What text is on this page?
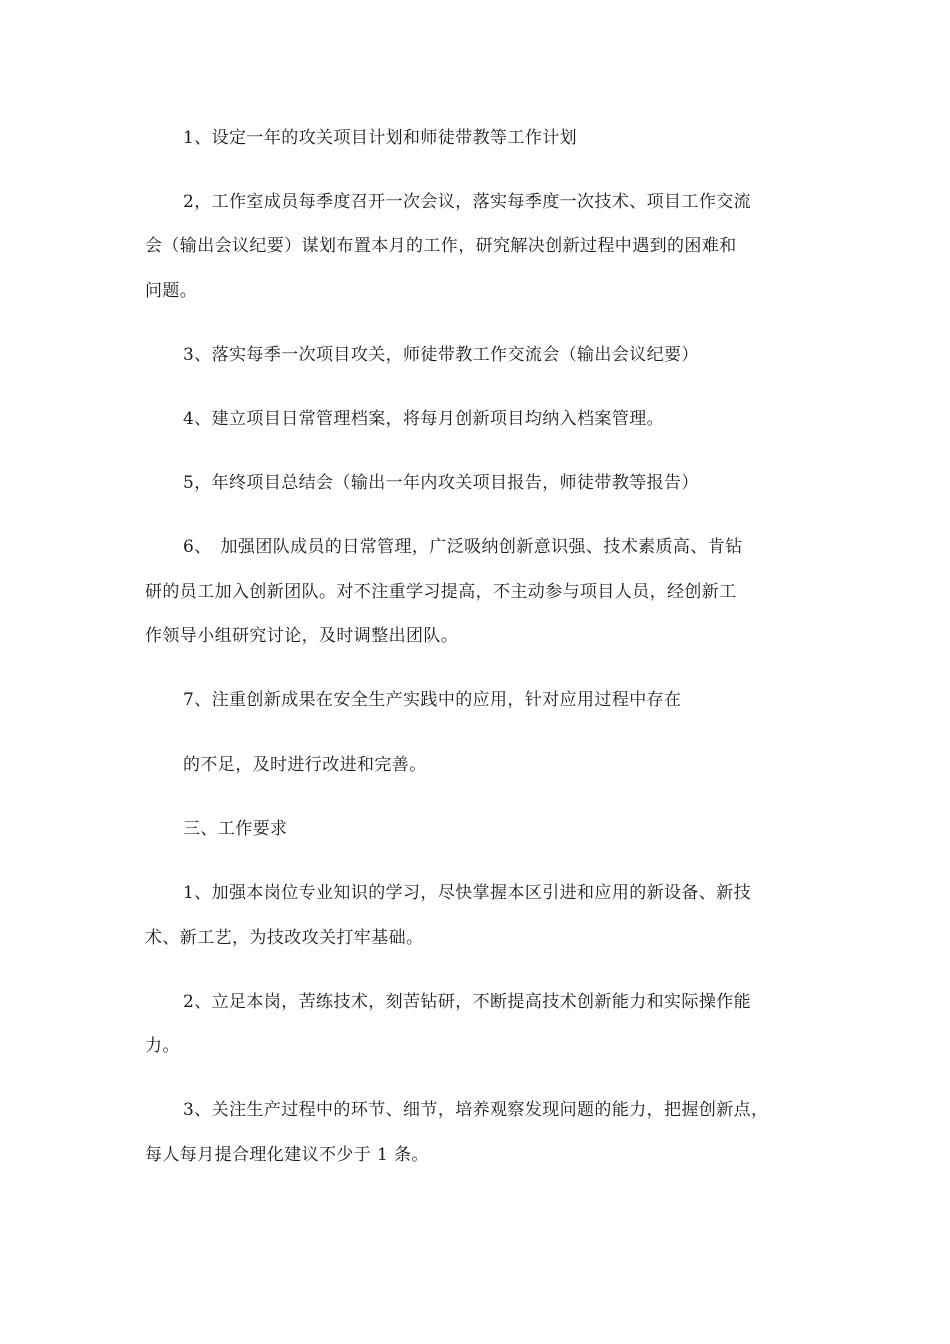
1、设定一年的攻关项目计划和师徒带教等工作计划
2，工作室成员每季度召开一次会议，落实每季度一次技术、项目工作交流
会（输出会议纪要）谋划布置本月的工作，研究解决创新过程中遇到的困难和
问题。
3、落实每季一次项目攻关，师徒带教工作交流会（输出会议纪要）
4、建立项目日常管理档案，将每月创新项目均纳入档案管理。
5，年终项目总结会（输出一年内攻关项目报告，师徒带教等报告）
6、　加强团队成员的日常管理，广泛吸纳创新意识强、技术素质高、肯钻
研的员工加入创新团队。对不注重学习提高，不主动参与项目人员，经创新工
作领导小组研究讨论，及时调整出团队。
7、注重创新成果在安全生产实践中的应用，针对应用过程中存在
的不足，及时进行改进和完善。
三、工作要求
1、加强本岗位专业知识的学习，尽快掌握本区引进和应用的新设备、新技
术、新工艺，为技改攻关打牢基础。
2、立足本岗，苦练技术，刻苦钻研，不断提高技术创新能力和实际操作能
力。
3、关注生产过程中的环节、细节，培养观察发现问题的能力，把握创新点，
每人每月提合理化建议不少于 1 条。
